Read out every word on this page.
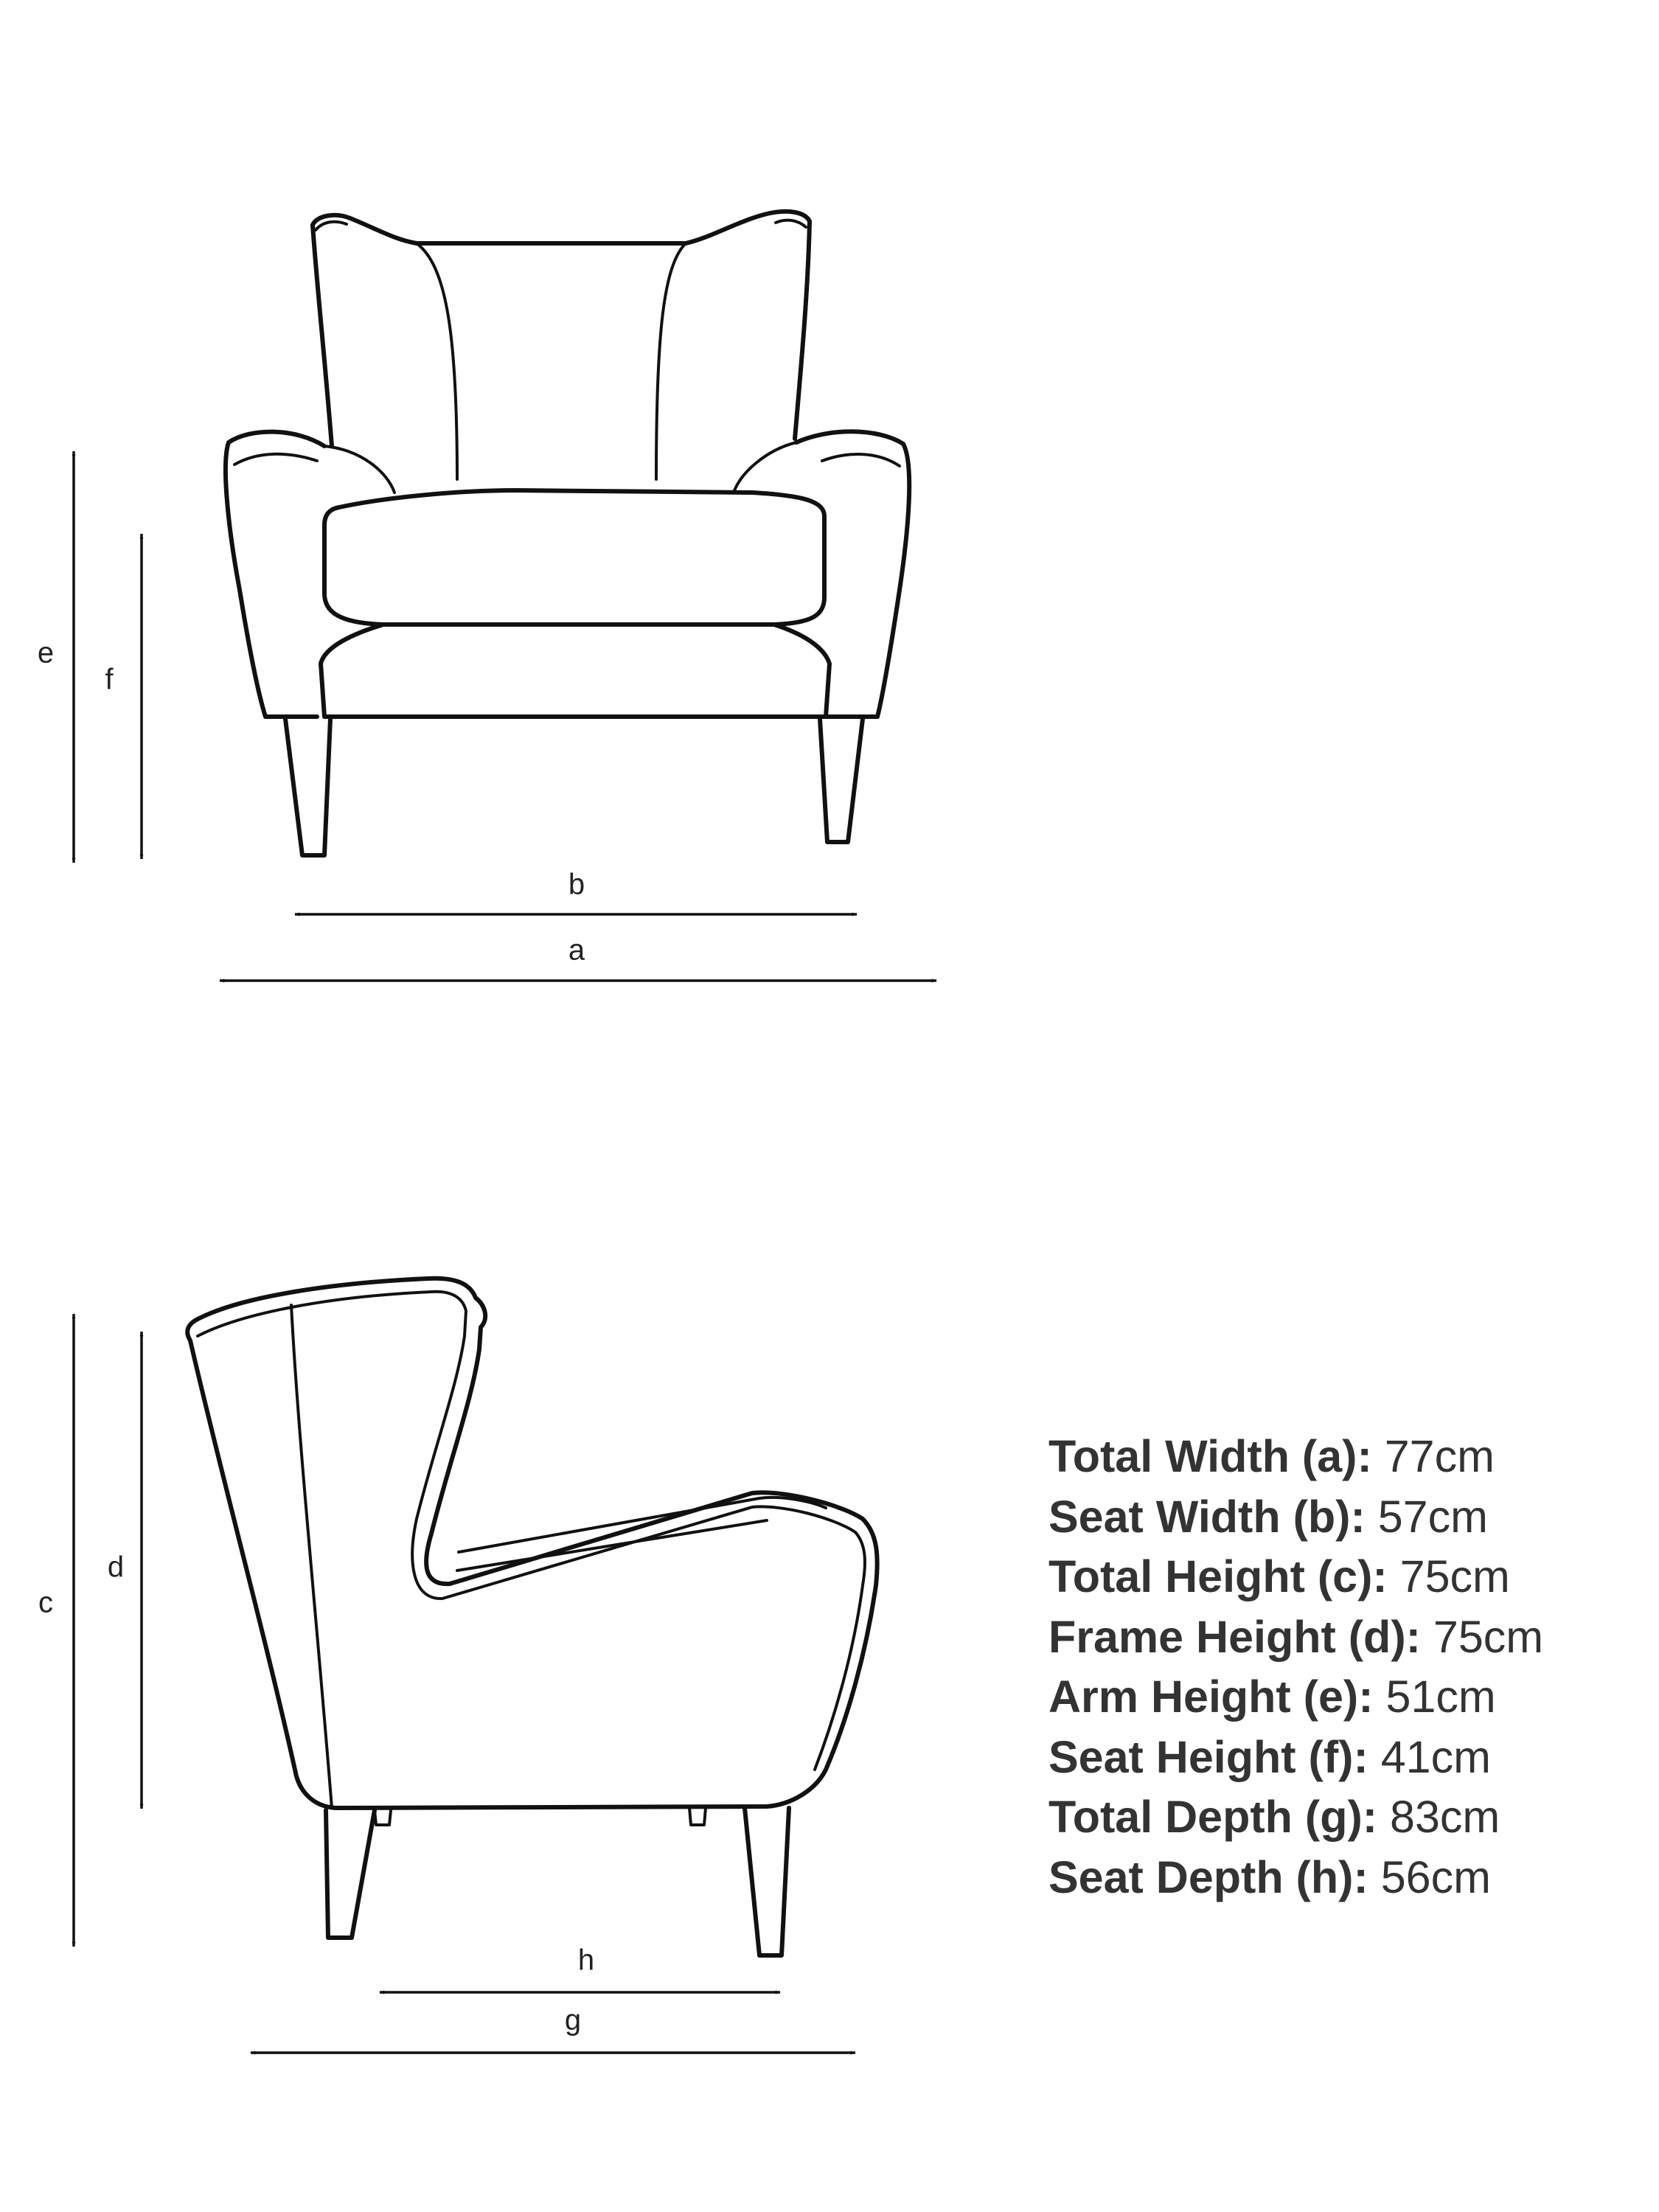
e
f
b
a
c
d
h
g
Total Width (a): 77cm
Seat Width (b): 57cm
Total Height (c): 75cm
Frame Height (d): 75cm
Arm Height (e): 51cm
Seat Height (f): 41cm
Total Depth (g): 83cm
Seat Depth (h): 56cm
